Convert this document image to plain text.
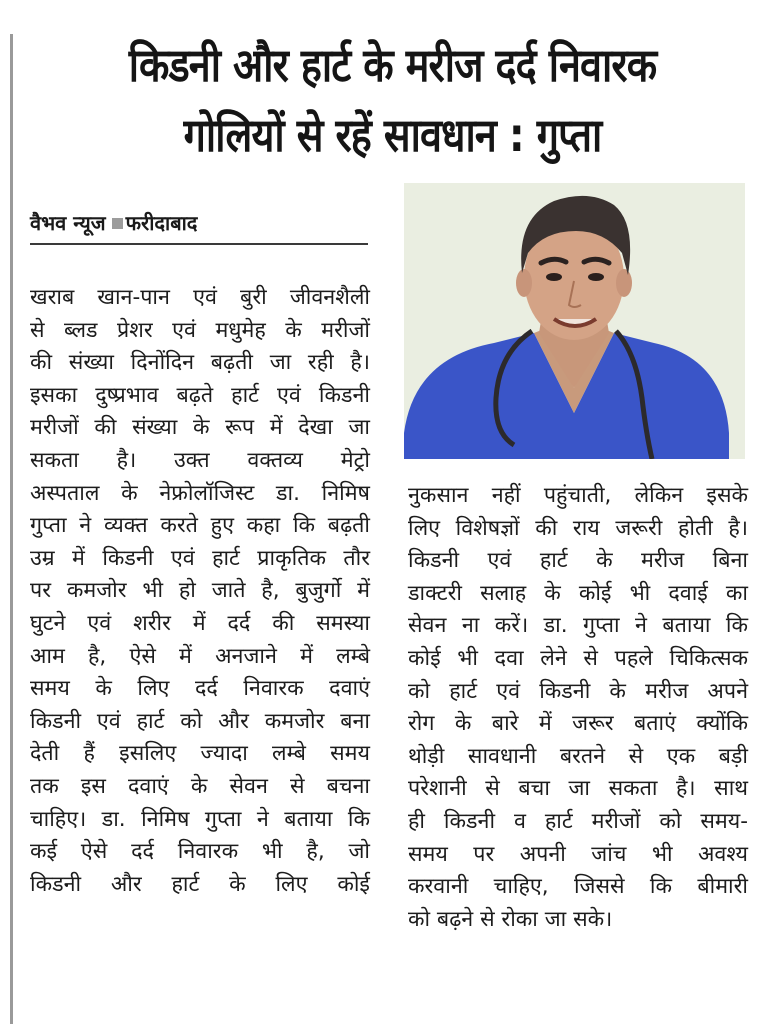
किडनी और हार्ट के मरीज दर्द निवारक
गोलियों से रहें सावधान : गुप्ता
वैभव न्यूज फरीदाबाद
खराब खान-पान एवं बुरी जीवनशैली
से ब्लड प्रेशर एवं मधुमेह के मरीजों
की संख्या दिनोंदिन बढ़ती जा रही है।
इसका दुष्प्रभाव बढ़ते हार्ट एवं किडनी
मरीजों की संख्या के रूप में देखा जा
सकता है। उक्त वक्तव्य मेट्रो
अस्पताल के नेफ्रोलॉजिस्ट डा. निमिष
गुप्ता ने व्यक्त करते हुए कहा कि बढ़ती
उम्र में किडनी एवं हार्ट प्राकृतिक तौर
पर कमजोर भी हो जाते है, बुजुर्गो में
घुटने एवं शरीर में दर्द की समस्या
आम है, ऐसे में अनजाने में लम्बे
समय के लिए दर्द निवारक दवाएं
किडनी एवं हार्ट को और कमजोर बना
देती हैं इसलिए ज्यादा लम्बे समय
तक इस दवाएं के सेवन से बचना
चाहिए। डा. निमिष गुप्ता ने बताया कि
कई ऐसे दर्द निवारक भी है, जो
किडनी और हार्ट के लिए कोई
नुकसान नहीं पहुंचाती, लेकिन इसके
लिए विशेषज्ञों की राय जरूरी होती है।
किडनी एवं हार्ट के मरीज बिना
डाक्टरी सलाह के कोई भी दवाई का
सेवन ना करें। डा. गुप्ता ने बताया कि
कोई भी दवा लेने से पहले चिकित्सक
को हार्ट एवं किडनी के मरीज अपने
रोग के बारे में जरूर बताएं क्योंकि
थोड़ी सावधानी बरतने से एक बड़ी
परेशानी से बचा जा सकता है। साथ
ही किडनी व हार्ट मरीजों को समय-
समय पर अपनी जांच भी अवश्य
करवानी चाहिए, जिससे कि बीमारी
को बढ़ने से रोका जा सके।
